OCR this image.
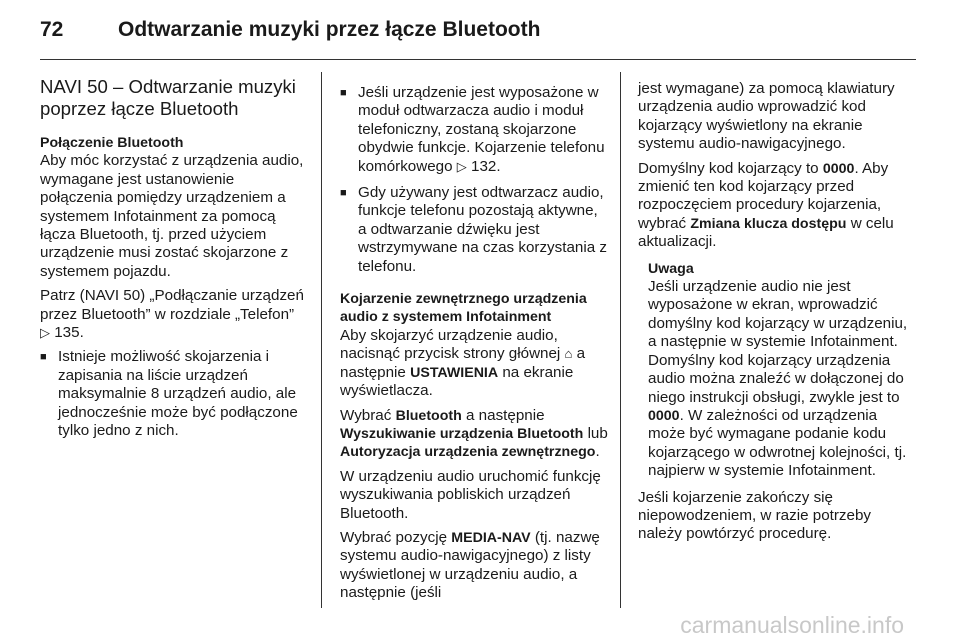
72	Odtwarzanie muzyki przez łącze Bluetooth
NAVI 50 – Odtwarzanie muzyki
poprzez łącze Bluetooth
Połączenie Bluetooth

Aby móc korzystać z urządzenia audio, wymagane jest ustanowienie połączenia pomiędzy urządzeniem a systemem Infotainment za pomocą łącza Bluetooth, tj. przed użyciem urządzenie musi zostać skojarzone z systemem pojazdu.

Patrz (NAVI 50) „Podłączanie urządzeń przez Bluetooth” w rozdziale „Telefon” ▷ 135.

■ Istnieje możliwość skojarzenia i zapisania na liście urządzeń maksymalnie 8 urządzeń audio, ale jednocześnie może być podłączone tylko jedno z nich.
■ Jeśli urządzenie jest wyposażone w moduł odtwarzacza audio i moduł telefoniczny, zostaną skojarzone obydwie funkcje. Kojarzenie telefonu komórkowego ▷ 132.
■ Gdy używany jest odtwarzacz audio, funkcje telefonu pozostają aktywne, a odtwarzanie dźwięku jest wstrzymywane na czas korzystania z telefonu.
Kojarzenie zewnętrznego urządzenia audio z systemem Infotainment

Aby skojarzyć urządzenie audio, nacisnąć przycisk strony głównej ⌂ a następnie USTAWIENIA na ekranie wyświetlacza.

Wybrać Bluetooth a następnie Wyszukiwanie urządzenia Bluetooth lub Autoryzacja urządzenia zewnętrznego.

W urządzeniu audio uruchomić funkcję wyszukiwania pobliskich urządzeń Bluetooth.

Wybrać pozycję MEDIA-NAV (tj. nazwę systemu audio-nawigacyjnego) z listy wyświetlonej w urządzeniu audio, a następnie (jeśli

jest wymagane) za pomocą klawiatury urządzenia audio wprowadzić kod kojarzący wyświetlony na ekranie systemu audio-nawigacyjnego.

Domyślny kod kojarzący to 0000. Aby zmienić ten kod kojarzący przed rozpoczęciem procedury kojarzenia, wybrać Zmiana klucza dostępu w celu aktualizacji.

Uwaga
Jeśli urządzenie audio nie jest wyposażone w ekran, wprowadzić domyślny kod kojarzący w urządzeniu, a następnie w systemie Infotainment. Domyślny kod kojarzący urządzenia audio można znaleźć w dołączonej do niego instrukcji obsługi, zwykle jest to 0000. W zależności od urządzenia może być wymagane podanie kodu kojarzącego w odwrotnej kolejności, tj. najpierw w systemie Infotainment.

Jeśli kojarzenie zakończy się niepowodzeniem, w razie potrzeby należy powtórzyć procedurę.

carmanualsonline.info
